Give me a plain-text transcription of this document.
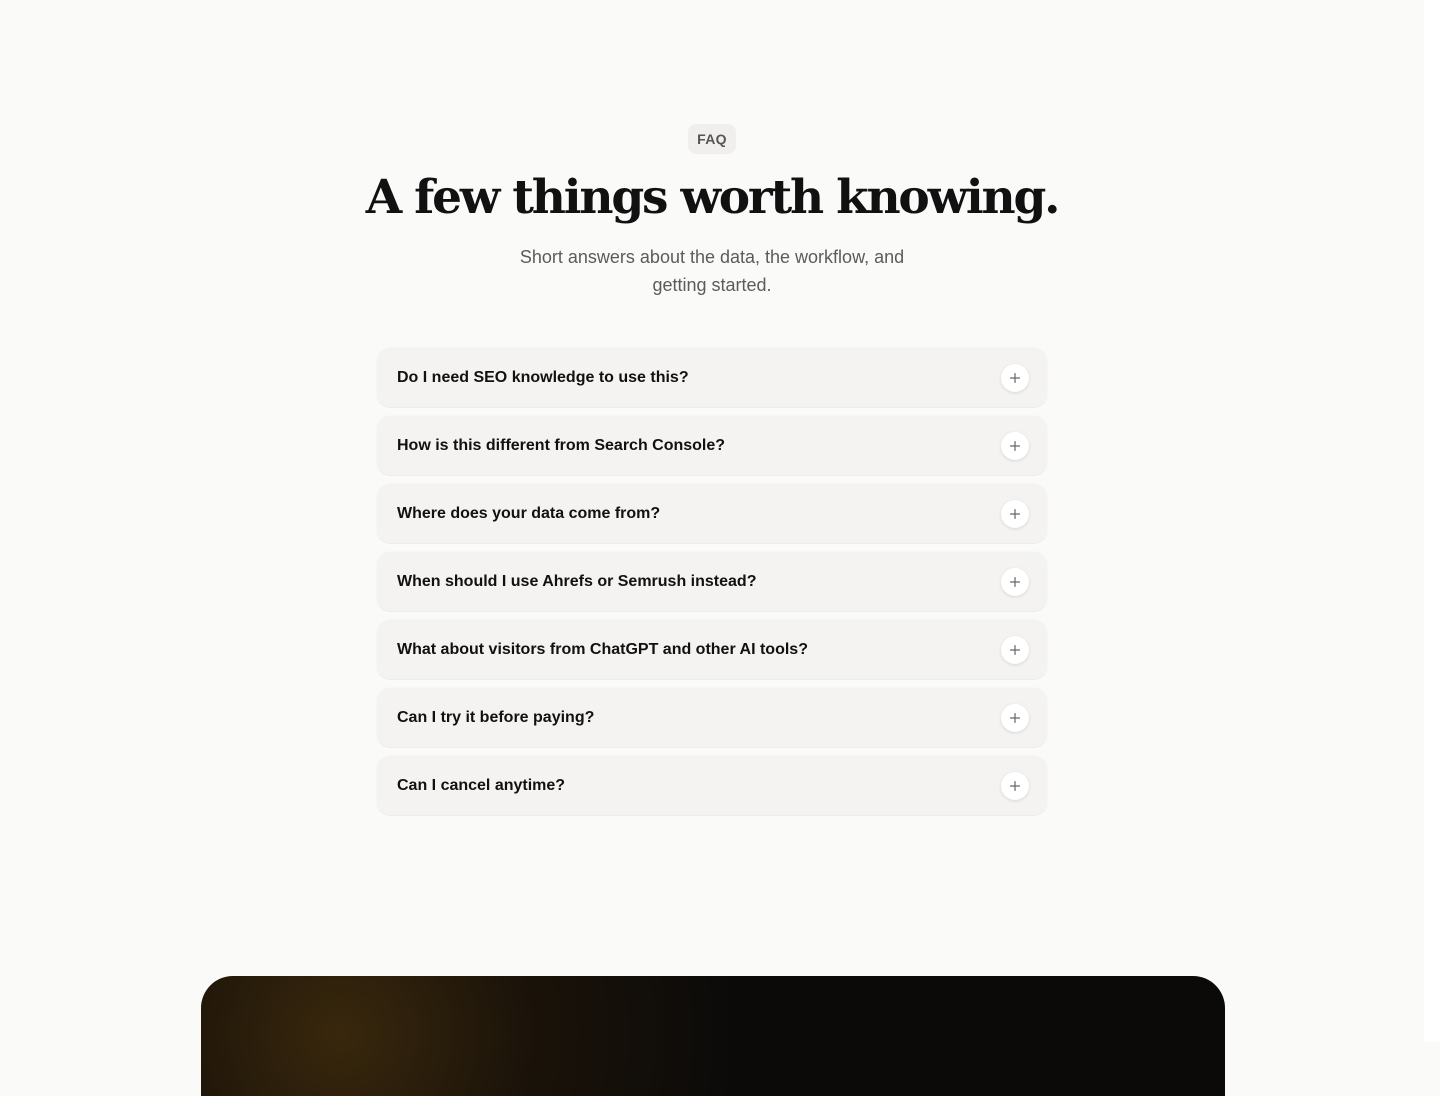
FAQ
A few things worth knowing.

Short answers about the data, the workflow, and getting started.

Do I need SEO knowledge to use this?
How is this different from Search Console?
Where does your data come from?
When should I use Ahrefs or Semrush instead?
What about visitors from ChatGPT and other AI tools?
Can I try it before paying?
Can I cancel anytime?
